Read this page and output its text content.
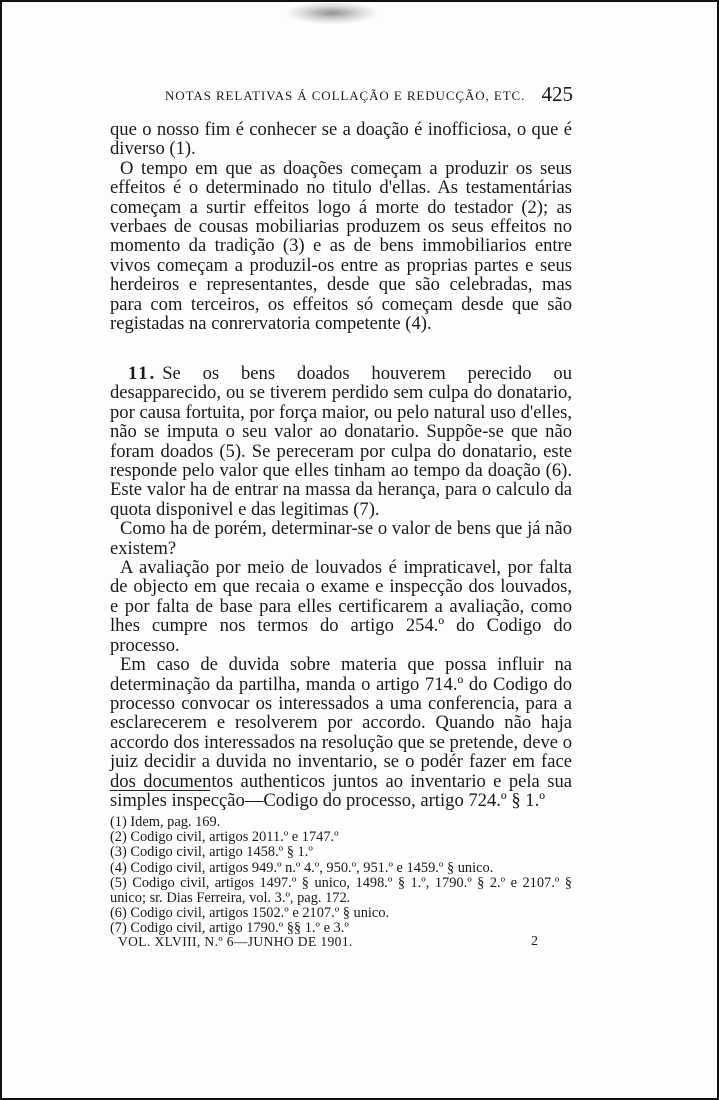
NOTAS RELATIVAS Á COLLAÇÃO E REDUCÇÃO, ETC. 425

que o nosso fim é conhecer se a doação é inofficiosa, o que é diverso (1).

O tempo em que as doações começam a produzir os seus effeitos é o determinado no titulo d'ellas. As testamentárias começam a surtir effeitos logo á morte do testador (2); as verbaes de cousas mobiliarias produzem os seus effeitos no momento da tradição (3) e as de bens immobiliarios entre vivos começam a produzil-os entre as proprias partes e seus herdeiros e representantes, desde que são celebradas, mas para com terceiros, os effeitos só começam desde que são registadas na conrervatoria competente (4).

11. Se os bens doados houverem perecido ou desapparecido, ou se tiverem perdido sem culpa do donatario, por causa fortuita, por força maior, ou pelo natural uso d'elles, não se imputa o seu valor ao donatario. Suppõe-se que não foram doados (5). Se pereceram por culpa do donatario, este responde pelo valor que elles tinham ao tempo da doação (6). Este valor ha de entrar na massa da herança, para o calculo da quota disponivel e das legitimas (7).

Como ha de porém, determinar-se o valor de bens que já não existem?

A avaliação por meio de louvados é impraticavel, por falta de objecto em que recaia o exame e inspecção dos louvados, e por falta de base para elles certificarem a avaliação, como lhes cumpre nos termos do artigo 254.º do Codigo do processo.

Em caso de duvida sobre materia que possa influir na determinação da partilha, manda o artigo 714.º do Codigo do processo convocar os interessados a uma conferencia, para a esclarecerem e resolverem por accordo. Quando não haja accordo dos interessados na resolução que se pretende, deve o juiz decidir a duvida no inventario, se o podér fazer em face dos documentos authenticos juntos ao inventario e pela sua simples inspecção—Codigo do processo, artigo 724.º § 1.º

(1) Idem, pag. 169.
(2) Codigo civil, artigos 2011.º e 1747.º
(3) Codigo civil, artigo 1458.º § 1.º
(4) Codigo civil, artigos 949.º n.º 4.º, 950.º, 951.º e 1459.º § unico.
(5) Codigo civil, artigos 1497.º § unico, 1498.º § 1.º, 1790.º § 2.º e 2107.º § unico; sr. Dias Ferreira, vol. 3.º, pag. 172.
(6) Codigo civil, artigos 1502.º e 2107.º § unico.
(7) Codigo civil, artigo 1790.º §§ 1.º e 3.º
VOL. XLVIII, N.º 6—JUNHO DE 1901.	2
